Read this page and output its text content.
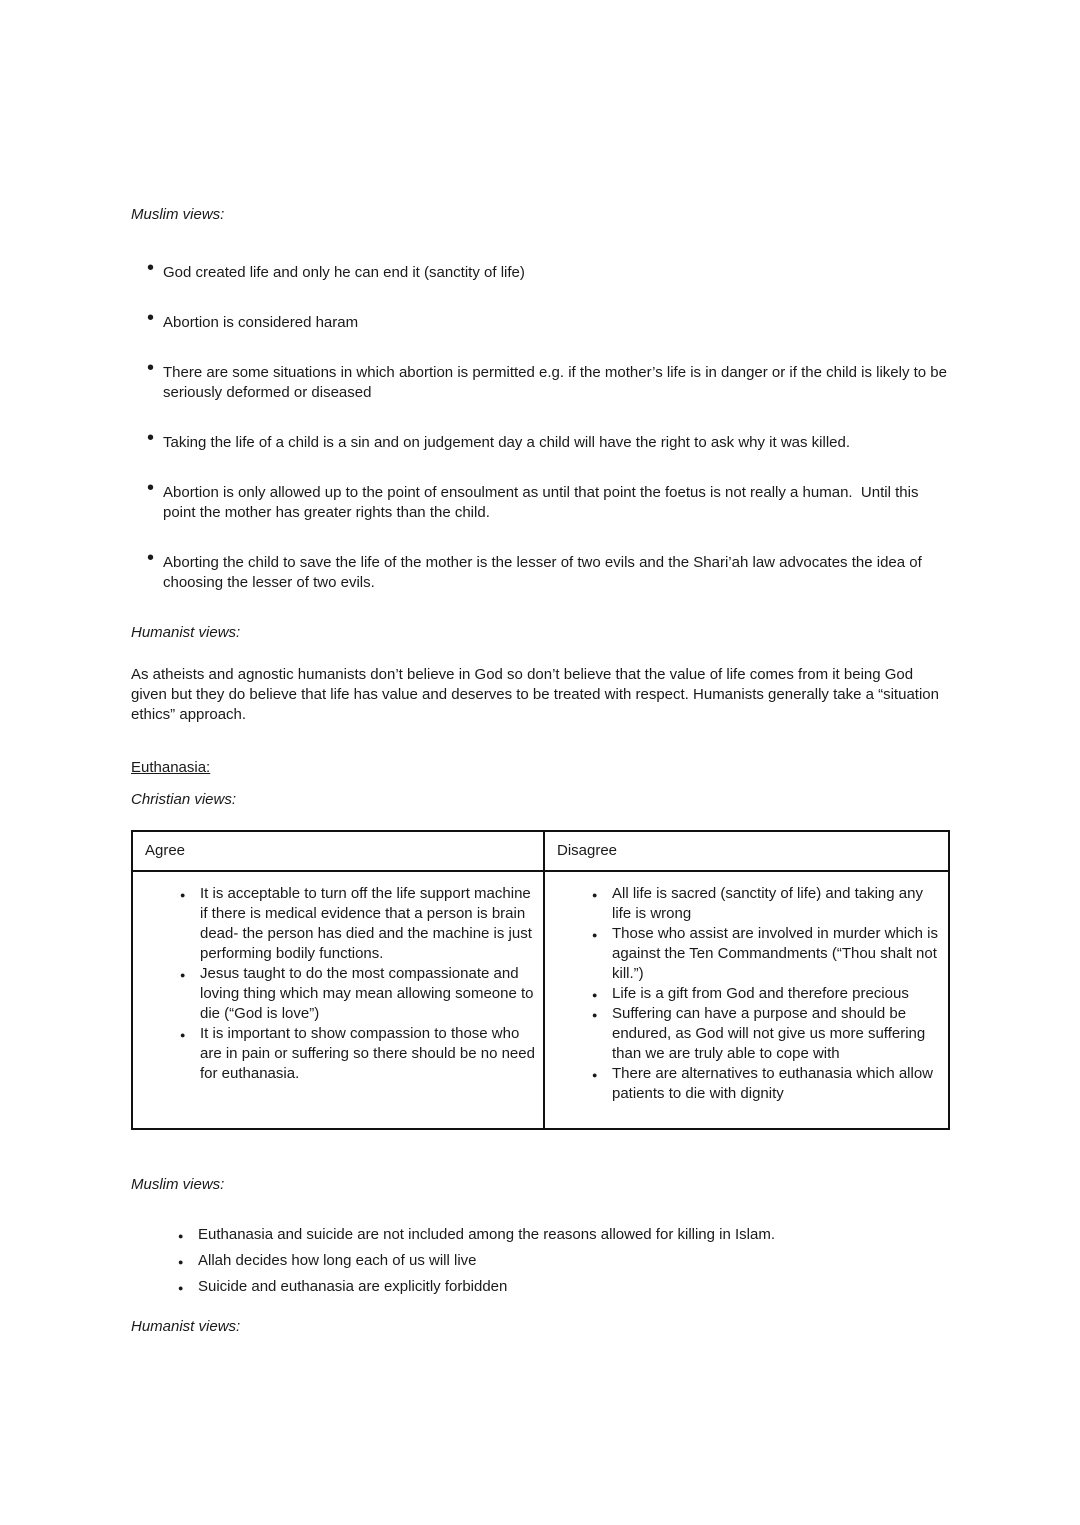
Muslim views:
• God created life and only he can end it (sanctity of life)
• Abortion is considered haram
• There are some situations in which abortion is permitted e.g. if the mother’s life is in danger or if the child is likely to be seriously deformed or diseased
• Taking the life of a child is a sin and on judgement day a child will have the right to ask why it was killed.
• Abortion is only allowed up to the point of ensoulment as until that point the foetus is not really a human.  Until this point the mother has greater rights than the child.
• Aborting the child to save the life of the mother is the lesser of two evils and the Shari’ah law advocates the idea of choosing the lesser of two evils.
Humanist views:

As atheists and agnostic humanists don’t believe in God so don’t believe that the value of life comes from it being God given but they do believe that life has value and deserves to be treated with respect. Humanists generally take a “situation ethics” approach.

Euthanasia:
Christian views:
Agree	Disagree

● It is acceptable to turn off the life support machine if there is medical evidence that a person is brain dead- the person has died and the machine is just performing bodily functions.
● Jesus taught to do the most compassionate and loving thing which may mean allowing someone to die (“God is love”)
● It is important to show compassion to those who are in pain or suffering so there should be no need for euthanasia.

● All life is sacred (sanctity of life) and taking any life is wrong
● Those who assist are involved in murder which is against the Ten Commandments (“Thou shalt not kill.”)
● Life is a gift from God and therefore precious
● Suffering can have a purpose and should be endured, as God will not give us more suffering than we are truly able to cope with
● There are alternatives to euthanasia which allow patients to die with dignity
Muslim views:
● Euthanasia and suicide are not included among the reasons allowed for killing in Islam.
● Allah decides how long each of us will live
● Suicide and euthanasia are explicitly forbidden
Humanist views:
